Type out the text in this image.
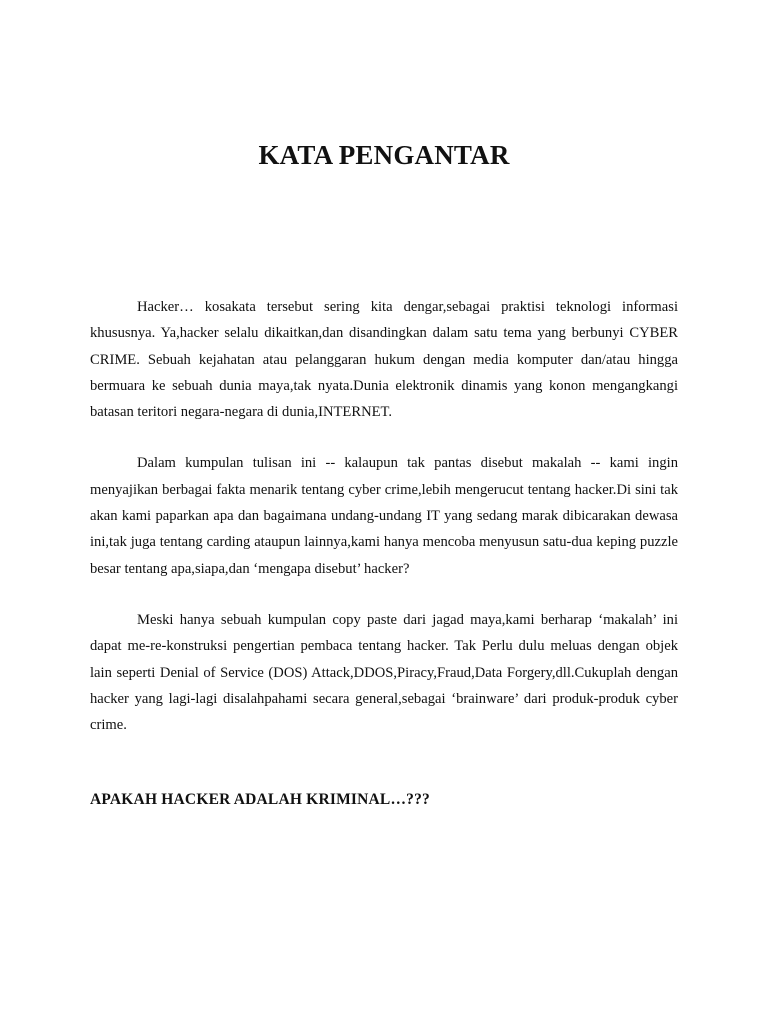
KATA PENGANTAR

Hacker… kosakata tersebut sering kita dengar,sebagai praktisi teknologi informasi khususnya. Ya,hacker selalu dikaitkan,dan disandingkan dalam satu tema yang berbunyi CYBER CRIME. Sebuah kejahatan atau pelanggaran hukum dengan media komputer dan/atau hingga bermuara ke sebuah dunia maya,tak nyata.Dunia elektronik dinamis yang konon mengangkangi batasan teritori negara-negara di dunia,INTERNET.

Dalam kumpulan tulisan ini -- kalaupun tak pantas disebut makalah -- kami ingin menyajikan berbagai fakta menarik tentang cyber crime,lebih mengerucut tentang hacker.Di sini tak akan kami paparkan apa dan bagaimana undang-undang IT yang sedang marak dibicarakan dewasa ini,tak juga tentang carding ataupun lainnya,kami hanya mencoba menyusun satu-dua keping puzzle besar tentang apa,siapa,dan ‘mengapa disebut’ hacker?

Meski hanya sebuah kumpulan copy paste dari jagad maya,kami berharap ‘makalah’ ini dapat me-re-konstruksi pengertian pembaca tentang hacker. Tak Perlu dulu meluas dengan objek lain seperti Denial of Service (DOS) Attack,DDOS,Piracy,Fraud,Data Forgery,dll.Cukuplah dengan hacker yang lagi-lagi disalahpahami secara general,sebagai ‘brainware’ dari produk-produk cyber crime.

APAKAH HACKER ADALAH KRIMINAL…???
